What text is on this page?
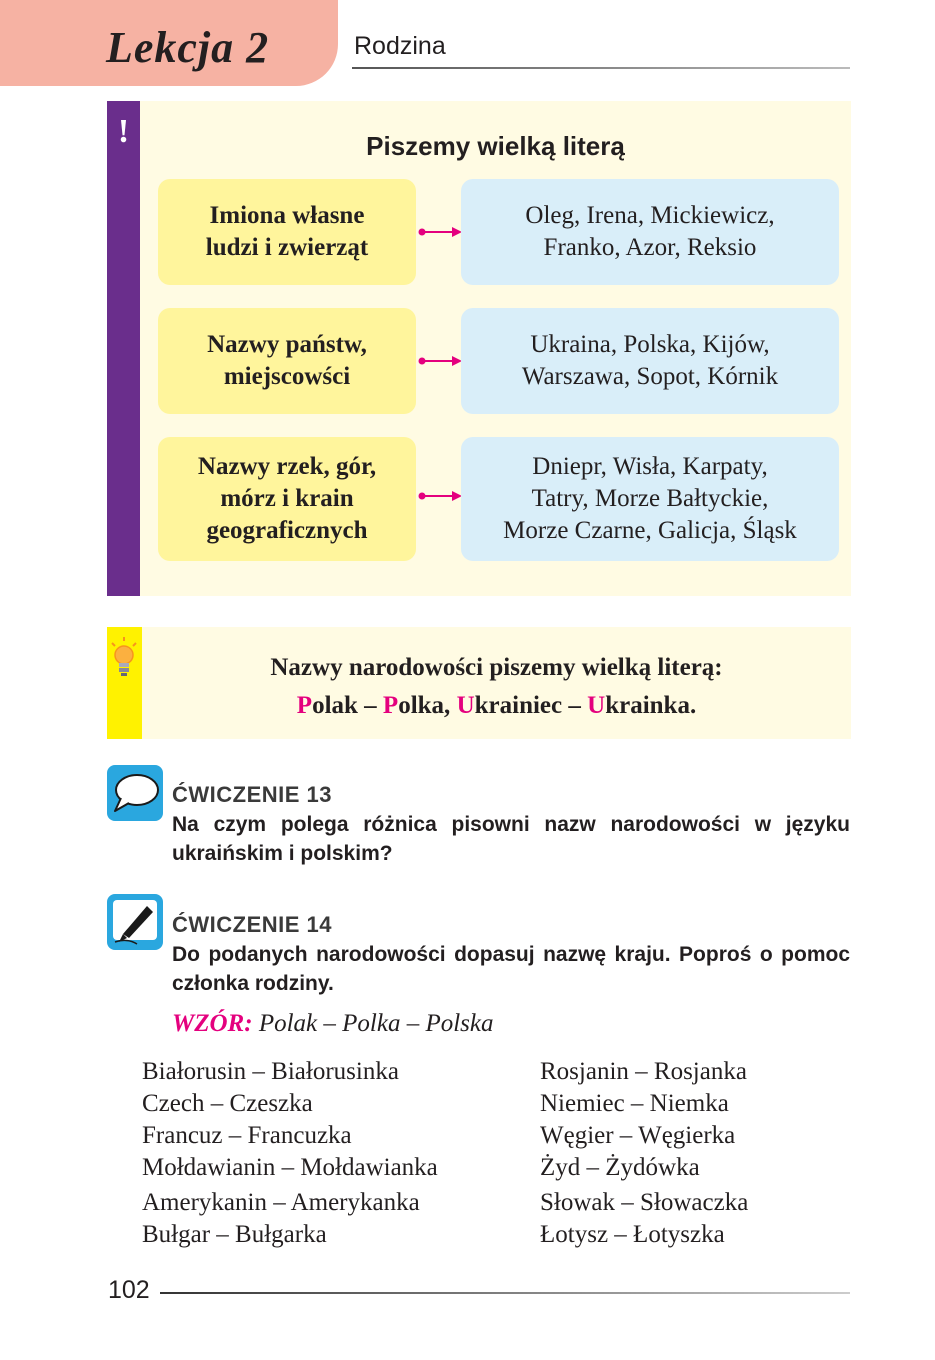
Lekcja 2	Rodzina
!	Piszemy wielką literą
Imiona własne
ludzi i zwierząt
Oleg, Irena, Mickiewicz,
Franko, Azor, Reksio
Nazwy państw,
miejscowści
Ukraina, Polska, Kijów,
Warszawa, Sopot, Kórnik
Nazwy rzek, gór,
mórz i krain
geograficznych
Dniepr, Wisła, Karpaty,
Tatry, Morze Bałtyckie,
Morze Czarne, Galicja, Śląsk
Nazwy narodowości piszemy wielką literą:
Polak – Polka, Ukrainiec – Ukrainka.
ĆWICZENIE 13
Na czym polega różnica pisowni nazw narodowości w języku ukraińskim i polskim?
ĆWICZENIE 14
Do podanych narodowości dopasuj nazwę kraju. Poproś o pomoc członka rodziny.
WZÓR: Polak – Polka – Polska
Białorusin – Białorusinka
Czech – Czeszka
Francuz – Francuzka
Mołdawianin – Mołdawianka
Amerykanin – Amerykanka
Bułgar – Bułgarka
Rosjanin – Rosjanka
Niemiec – Niemka
Węgier – Węgierka
Żyd – Żydówka
Słowak – Słowaczka
Łotysz – Łotyszka
102
